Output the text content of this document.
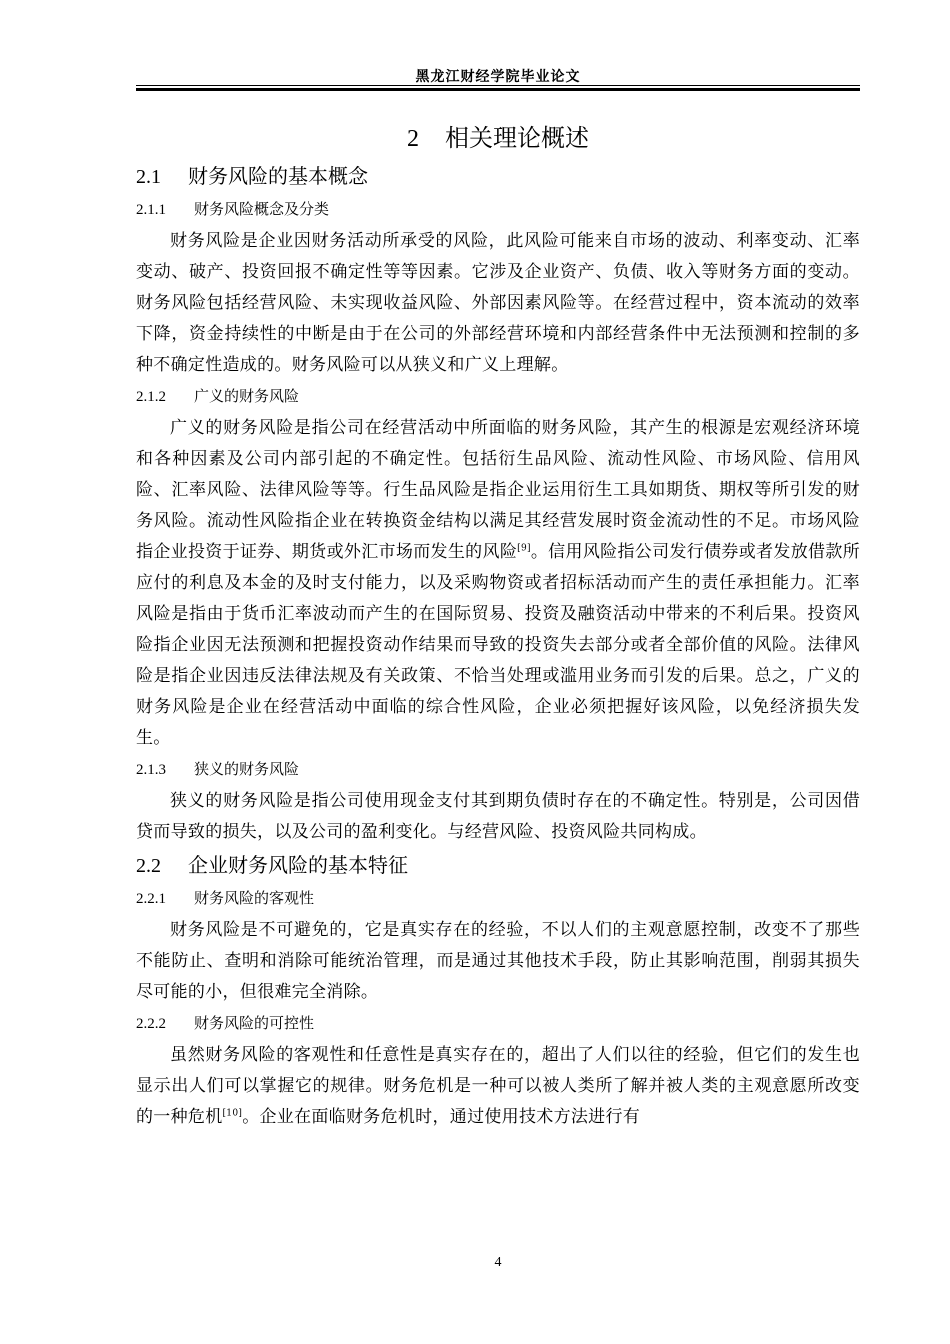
黑龙江财经学院毕业论文
2 相关理论概述
2.1 财务风险的基本概念
2.1.1 财务风险概念及分类

财务风险是企业因财务活动所承受的风险，此风险可能来自市场的波动、利率变动、汇率变动、破产、投资回报不确定性等等因素。它涉及企业资产、负债、收入等财务方面的变动。财务风险包括经营风险、未实现收益风险、外部因素风险等。在经营过程中，资本流动的效率下降，资金持续性的中断是由于在公司的外部经营环境和内部经营条件中无法预测和控制的多种不确定性造成的。财务风险可以从狭义和广义上理解。

2.1.2 广义的财务风险

广义的财务风险是指公司在经营活动中所面临的财务风险，其产生的根源是宏观经济环境和各种因素及公司内部引起的不确定性。包括衍生品风险、流动性风险、市场风险、信用风险、汇率风险、法律风险等等。行生品风险是指企业运用衍生工具如期货、期权等所引发的财务风险。流动性风险指企业在转换资金结构以满足其经营发展时资金流动性的不足。市场风险指企业投资于证券、期货或外汇市场而发生的风险[9]。信用风险指公司发行债券或者发放借款所应付的利息及本金的及时支付能力，以及采购物资或者招标活动而产生的责任承担能力。汇率风险是指由于货币汇率波动而产生的在国际贸易、投资及融资活动中带来的不利后果。投资风险指企业因无法预测和把握投资动作结果而导致的投资失去部分或者全部价值的风险。法律风险是指企业因违反法律法规及有关政策、不恰当处理或滥用业务而引发的后果。总之，广义的财务风险是企业在经营活动中面临的综合性风险，企业必须把握好该风险，以免经济损失发生。

2.1.3 狭义的财务风险

狭义的财务风险是指公司使用现金支付其到期负债时存在的不确定性。特别是，公司因借贷而导致的损失，以及公司的盈利变化。与经营风险、投资风险共同构成。

2.2 企业财务风险的基本特征
2.2.1 财务风险的客观性

财务风险是不可避免的，它是真实存在的经验，不以人们的主观意愿控制，改变不了那些不能防止、查明和消除可能统治管理，而是通过其他技术手段，防止其影响范围，削弱其损失尽可能的小，但很难完全消除。

2.2.2 财务风险的可控性

虽然财务风险的客观性和任意性是真实存在的，超出了人们以往的经验，但它们的发生也显示出人们可以掌握它的规律。财务危机是一种可以被人类所了解并被人类的主观意愿所改变的一种危机[10]。企业在面临财务危机时，通过使用技术方法进行有

4
